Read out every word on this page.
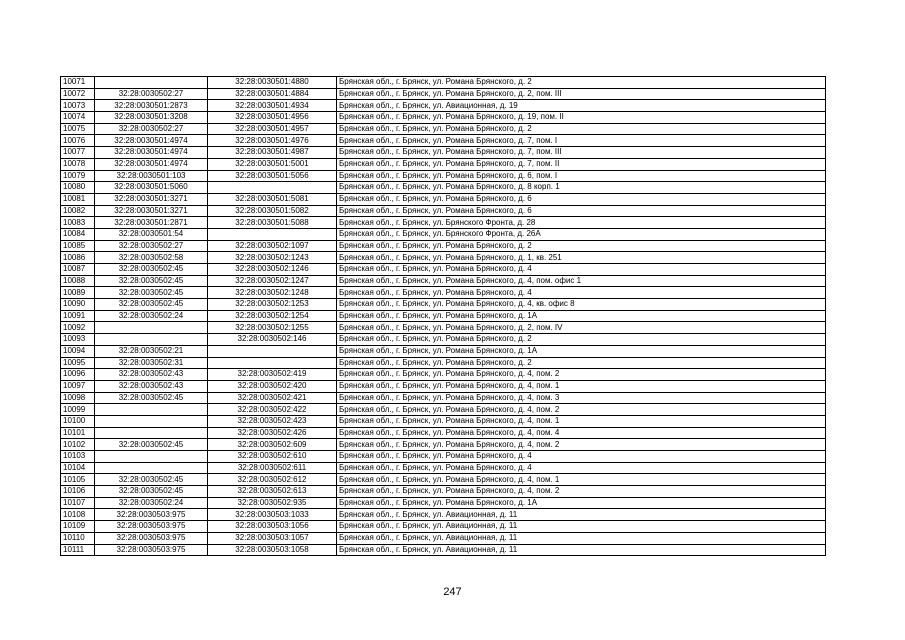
10071		32:28:0030501:4880	Брянская обл., г. Брянск, ул. Романа Брянского, д. 2
10072	32:28:0030502:27	32:28:0030501:4884	Брянская обл., г. Брянск, ул. Романа Брянского, д. 2, пом. III
10073	32:28:0030501:2873	32:28:0030501:4934	Брянская обл., г. Брянск, ул. Авиационная, д. 19
10074	32:28:0030501:3208	32:28:0030501:4956	Брянская обл., г. Брянск, ул. Романа Брянского, д. 19, пом. II
10075	32:28:0030502:27	32:28:0030501:4957	Брянская обл., г. Брянск, ул. Романа Брянского, д. 2
10076	32:28:0030501:4974	32:28:0030501:4976	Брянская обл., г. Брянск, ул. Романа Брянского, д. 7, пом. I
10077	32:28:0030501:4974	32:28:0030501:4987	Брянская обл., г. Брянск, ул. Романа Брянского, д. 7, пом. III
10078	32:28:0030501:4974	32:28:0030501:5001	Брянская обл., г. Брянск, ул. Романа Брянского, д. 7, пом. II
10079	32:28:0030501:103	32:28:0030501:5056	Брянская обл., г. Брянск, ул. Романа Брянского, д. 6, пом. I
10080	32:28:0030501:5060		Брянская обл., г. Брянск, ул. Романа Брянского, д. 8 корп. 1
10081	32:28:0030501:3271	32:28:0030501:5081	Брянская обл., г. Брянск, ул. Романа Брянского, д. 6
10082	32:28:0030501:3271	32:28:0030501:5082	Брянская обл., г. Брянск, ул. Романа Брянского, д. 6
10083	32:28:0030501:2871	32:28:0030501:5088	Брянская обл., г. Брянск, ул. Брянского Фронта, д. 28
10084	32:28:0030501:54		Брянская обл., г. Брянск, ул. Брянского Фронта, д. 26А
10085	32:28:0030502:27	32:28:0030502:1097	Брянская обл., г. Брянск, ул. Романа Брянского, д. 2
10086	32:28:0030502:58	32:28:0030502:1243	Брянская обл., г. Брянск, ул. Романа Брянского, д. 1, кв. 251
10087	32:28:0030502:45	32:28:0030502:1246	Брянская обл., г. Брянск, ул. Романа Брянского, д. 4
10088	32:28:0030502:45	32:28:0030502:1247	Брянская обл., г. Брянск, ул. Романа Брянского, д. 4, пом. офис 1
10089	32:28:0030502:45	32:28:0030502:1248	Брянская обл., г. Брянск, ул. Романа Брянского, д. 4
10090	32:28:0030502:45	32:28:0030502:1253	Брянская обл., г. Брянск, ул. Романа Брянского, д. 4, кв. офис 8
10091	32:28:0030502:24	32:28:0030502:1254	Брянская обл., г. Брянск, ул. Романа Брянского, д. 1А
10092		32:28:0030502:1255	Брянская обл., г. Брянск, ул. Романа Брянского, д. 2, пом. IV
10093		32:28:0030502:146	Брянская обл., г. Брянск, ул. Романа Брянского, д. 2
10094	32:28:0030502:21		Брянская обл., г. Брянск, ул. Романа Брянского, д. 1А
10095	32:28:0030502:31		Брянская обл., г. Брянск, ул. Романа Брянского, д. 2
10096	32:28:0030502:43	32:28:0030502:419	Брянская обл., г. Брянск, ул. Романа Брянского, д. 4, пом. 2
10097	32:28:0030502:43	32:28:0030502:420	Брянская обл., г. Брянск, ул. Романа Брянского, д. 4, пом. 1
10098	32:28:0030502:45	32:28:0030502:421	Брянская обл., г. Брянск, ул. Романа Брянского, д. 4, пом. 3
10099		32:28:0030502:422	Брянская обл., г. Брянск, ул. Романа Брянского, д. 4, пом. 2
10100		32:28:0030502:423	Брянская обл., г. Брянск, ул. Романа Брянского, д. 4, пом. 1
10101		32:28:0030502:426	Брянская обл., г. Брянск, ул. Романа Брянского, д. 4, пом. 4
10102	32:28:0030502:45	32:28:0030502:609	Брянская обл., г. Брянск, ул. Романа Брянского, д. 4, пом. 2
10103		32:28:0030502:610	Брянская обл., г. Брянск, ул. Романа Брянского, д. 4
10104		32:28:0030502:611	Брянская обл., г. Брянск, ул. Романа Брянского, д. 4
10105	32:28:0030502:45	32:28:0030502:612	Брянская обл., г. Брянск, ул. Романа Брянского, д. 4, пом. 1
10106	32:28:0030502:45	32:28:0030502:613	Брянская обл., г. Брянск, ул. Романа Брянского, д. 4, пом. 2
10107	32:28:0030502:24	32:28:0030502:935	Брянская обл., г. Брянск, ул. Романа Брянского, д. 1А
10108	32:28:0030503:975	32:28:0030503:1033	Брянская обл., г. Брянск, ул. Авиационная, д. 11
10109	32:28:0030503:975	32:28:0030503:1056	Брянская обл., г. Брянск, ул. Авиационная, д. 11
10110	32:28:0030503:975	32:28:0030503:1057	Брянская обл., г. Брянск, ул. Авиационная, д. 11
10111	32:28:0030503:975	32:28:0030503:1058	Брянская обл., г. Брянск, ул. Авиационная, д. 11
247
